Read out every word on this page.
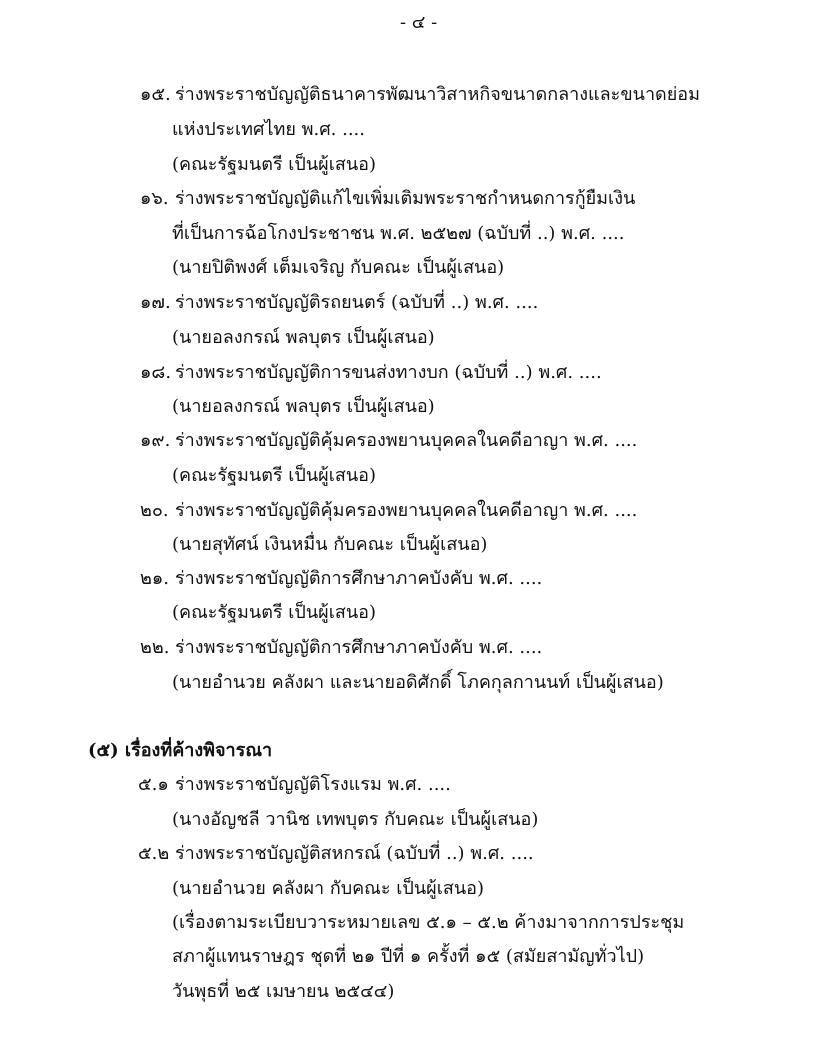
- ๔ -
๑๕. ร่างพระราชบัญญัติธนาคารพัฒนาวิสาหกิจขนาดกลางและขนาดย่อม
แห่งประเทศไทย พ.ศ. ....
(คณะรัฐมนตรี เป็นผู้เสนอ)
๑๖. ร่างพระราชบัญญัติแก้ไขเพิ่มเติมพระราชกำหนดการกู้ยืมเงิน
ที่เป็นการฉ้อโกงประชาชน พ.ศ. ๒๕๒๗ (ฉบับที่ ..) พ.ศ. ....
(นายปิติพงศ์ เต็มเจริญ กับคณะ เป็นผู้เสนอ)
๑๗. ร่างพระราชบัญญัติรถยนตร์ (ฉบับที่ ..) พ.ศ. ....
(นายอลงกรณ์ พลบุตร เป็นผู้เสนอ)
๑๘. ร่างพระราชบัญญัติการขนส่งทางบก (ฉบับที่ ..) พ.ศ. ....
(นายอลงกรณ์ พลบุตร เป็นผู้เสนอ)
๑๙. ร่างพระราชบัญญัติคุ้มครองพยานบุคคลในคดีอาญา พ.ศ. ....
(คณะรัฐมนตรี เป็นผู้เสนอ)
๒๐. ร่างพระราชบัญญัติคุ้มครองพยานบุคคลในคดีอาญา พ.ศ. ....
(นายสุทัศน์ เงินหมื่น กับคณะ เป็นผู้เสนอ)
๒๑. ร่างพระราชบัญญัติการศึกษาภาคบังคับ พ.ศ. ....
(คณะรัฐมนตรี เป็นผู้เสนอ)
๒๒. ร่างพระราชบัญญัติการศึกษาภาคบังคับ พ.ศ. ....
(นายอำนวย คลังผา และนายอดิศักดิ์ โภคกุลกานนท์ เป็นผู้เสนอ)
(๕) เรื่องที่ค้างพิจารณา
๕.๑ ร่างพระราชบัญญัติโรงแรม พ.ศ. ....
(นางอัญชลี วานิช เทพบุตร กับคณะ เป็นผู้เสนอ)
๕.๒ ร่างพระราชบัญญัติสหกรณ์ (ฉบับที่ ..) พ.ศ. ....
(นายอำนวย คลังผา กับคณะ เป็นผู้เสนอ)
(เรื่องตามระเบียบวาระหมายเลข ๕.๑ – ๕.๒ ค้างมาจากการประชุม
สภาผู้แทนราษฎร ชุดที่ ๒๑ ปีที่ ๑ ครั้งที่ ๑๕ (สมัยสามัญทั่วไป)
วันพุธที่ ๒๕ เมษายน ๒๕๔๔)
